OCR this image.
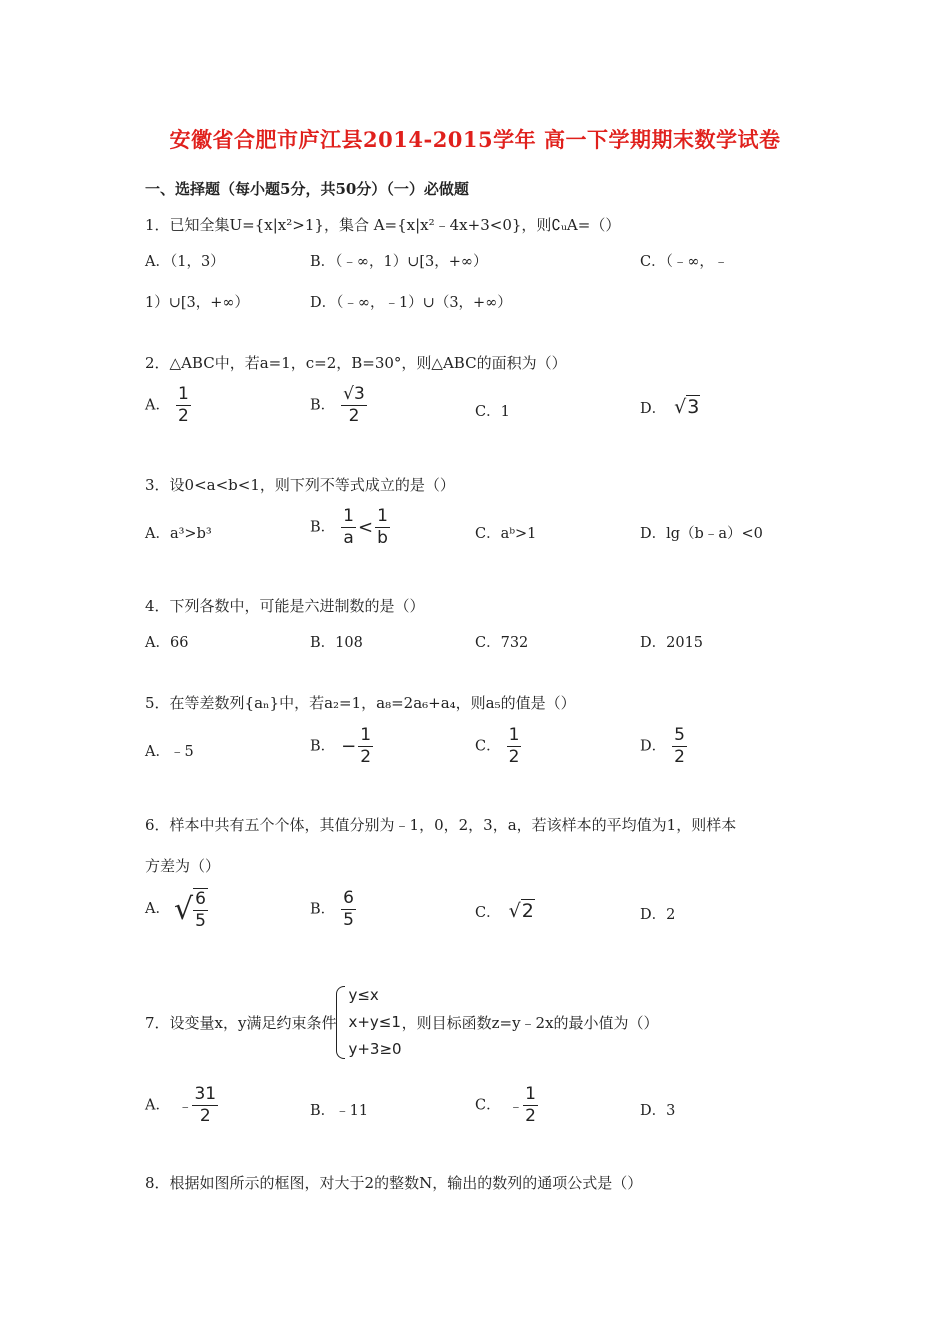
安徽省合肥市庐江县2014-2015学年 高一下学期期末数学试卷
一、选择题（每小题5分，共50分）（一）必做题
1．已知全集U={x|x²>1}，集合 A={x|x²﹣4x+3<0}，则∁ᵤA=（）
A．（1，3）	B．（﹣∞，1）∪[3，+∞）	C．（﹣∞，﹣
1）∪[3，+∞）	D．（﹣∞，﹣1）∪（3，+∞）
2．△ABC中，若a=1，c=2，B=30°，则△ABC的面积为（）
A． $\frac{1}{2}$	B． $\frac{√3}{2}$	C．1	D． √3
3．设0<a<b<1，则下列不等式成立的是（）
A．a³>b³	B． $\frac{1}{a} < \frac{1}{b}$	C．aᵇ>1	D．lg（b﹣a）<0
4．下列各数中，可能是六进制数的是（）
A．66	B．108	C．732	D．2015
5．在等差数列{aₙ}中，若a₂=1，a₈=2a₆+a₄，则a₅的值是（）
A．﹣5	B． − $\frac{1}{2}$	C． $\frac{1}{2}$	D． $\frac{5}{2}$
6．样本中共有五个个体，其值分别为﹣1，0，2，3，a，若该样本的平均值为1，则样本
方差为（）
A． √ $\frac{6}{5}$	B． $\frac{6}{5}$	C． √2	D．2
7．设变量x，y满足约束条件
y≤x
x+y≤1
y+3≥0
，则目标函数z=y﹣2x的最小值为（）
A． ﹣ $\frac{31}{2}$	B．﹣11	C． ﹣ $\frac{1}{2}$	D．3
8．根据如图所示的框图，对大于2的整数N，输出的数列的通项公式是（）
